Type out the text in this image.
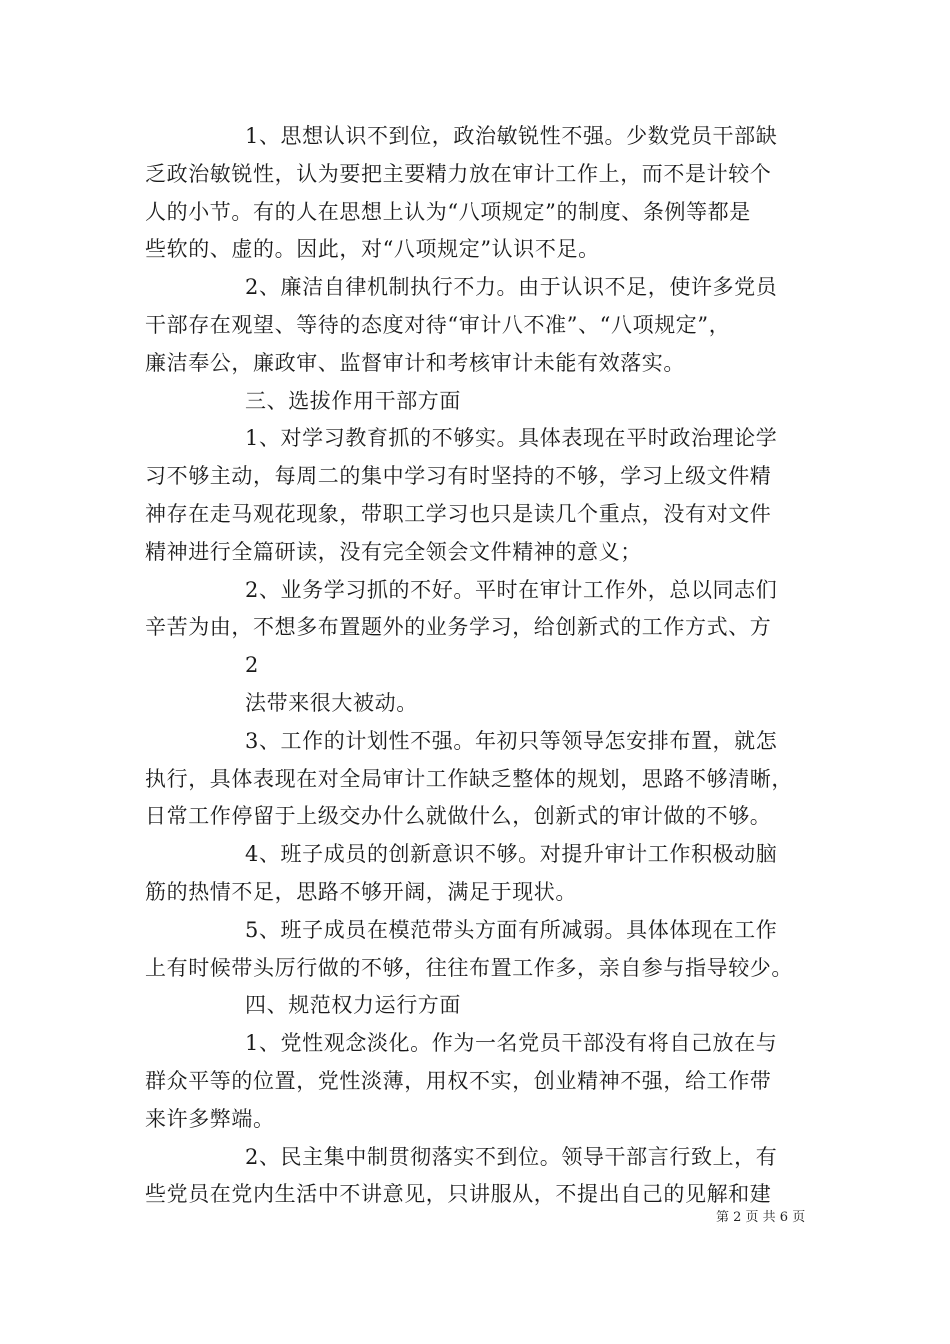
1、思想认识不到位，政治敏锐性不强。少数党员干部缺
乏政治敏锐性，认为要把主要精力放在审计工作上，而不是计较个
人的小节。有的人在思想上认为“八项规定”的制度、条例等都是
些软的、虚的。因此，对“八项规定”认识不足。
2、廉洁自律机制执行不力。由于认识不足，使许多党员
干部存在观望、等待的态度对待“审计八不准”、“八项规定”，
廉洁奉公，廉政审、监督审计和考核审计未能有效落实。
三、选拔作用干部方面
1、对学习教育抓的不够实。具体表现在平时政治理论学
习不够主动，每周二的集中学习有时坚持的不够，学习上级文件精
神存在走马观花现象，带职工学习也只是读几个重点，没有对文件
精神进行全篇研读，没有完全领会文件精神的意义；
2、业务学习抓的不好。平时在审计工作外，总以同志们
辛苦为由，不想多布置题外的业务学习，给创新式的工作方式、方
2
法带来很大被动。
3、工作的计划性不强。年初只等领导怎安排布置，就怎
执行，具体表现在对全局审计工作缺乏整体的规划，思路不够清晰，
日常工作停留于上级交办什么就做什么，创新式的审计做的不够。
4、班子成员的创新意识不够。对提升审计工作积极动脑
筋的热情不足，思路不够开阔，满足于现状。
5、班子成员在模范带头方面有所减弱。具体体现在工作
上有时候带头厉行做的不够，往往布置工作多，亲自参与指导较少。
四、规范权力运行方面
1、党性观念淡化。作为一名党员干部没有将自己放在与
群众平等的位置，党性淡薄，用权不实，创业精神不强，给工作带
来许多弊端。
2、民主集中制贯彻落实不到位。领导干部言行致上，有
些党员在党内生活中不讲意见，只讲服从，不提出自己的见解和建
第 2 页 共 6 页
